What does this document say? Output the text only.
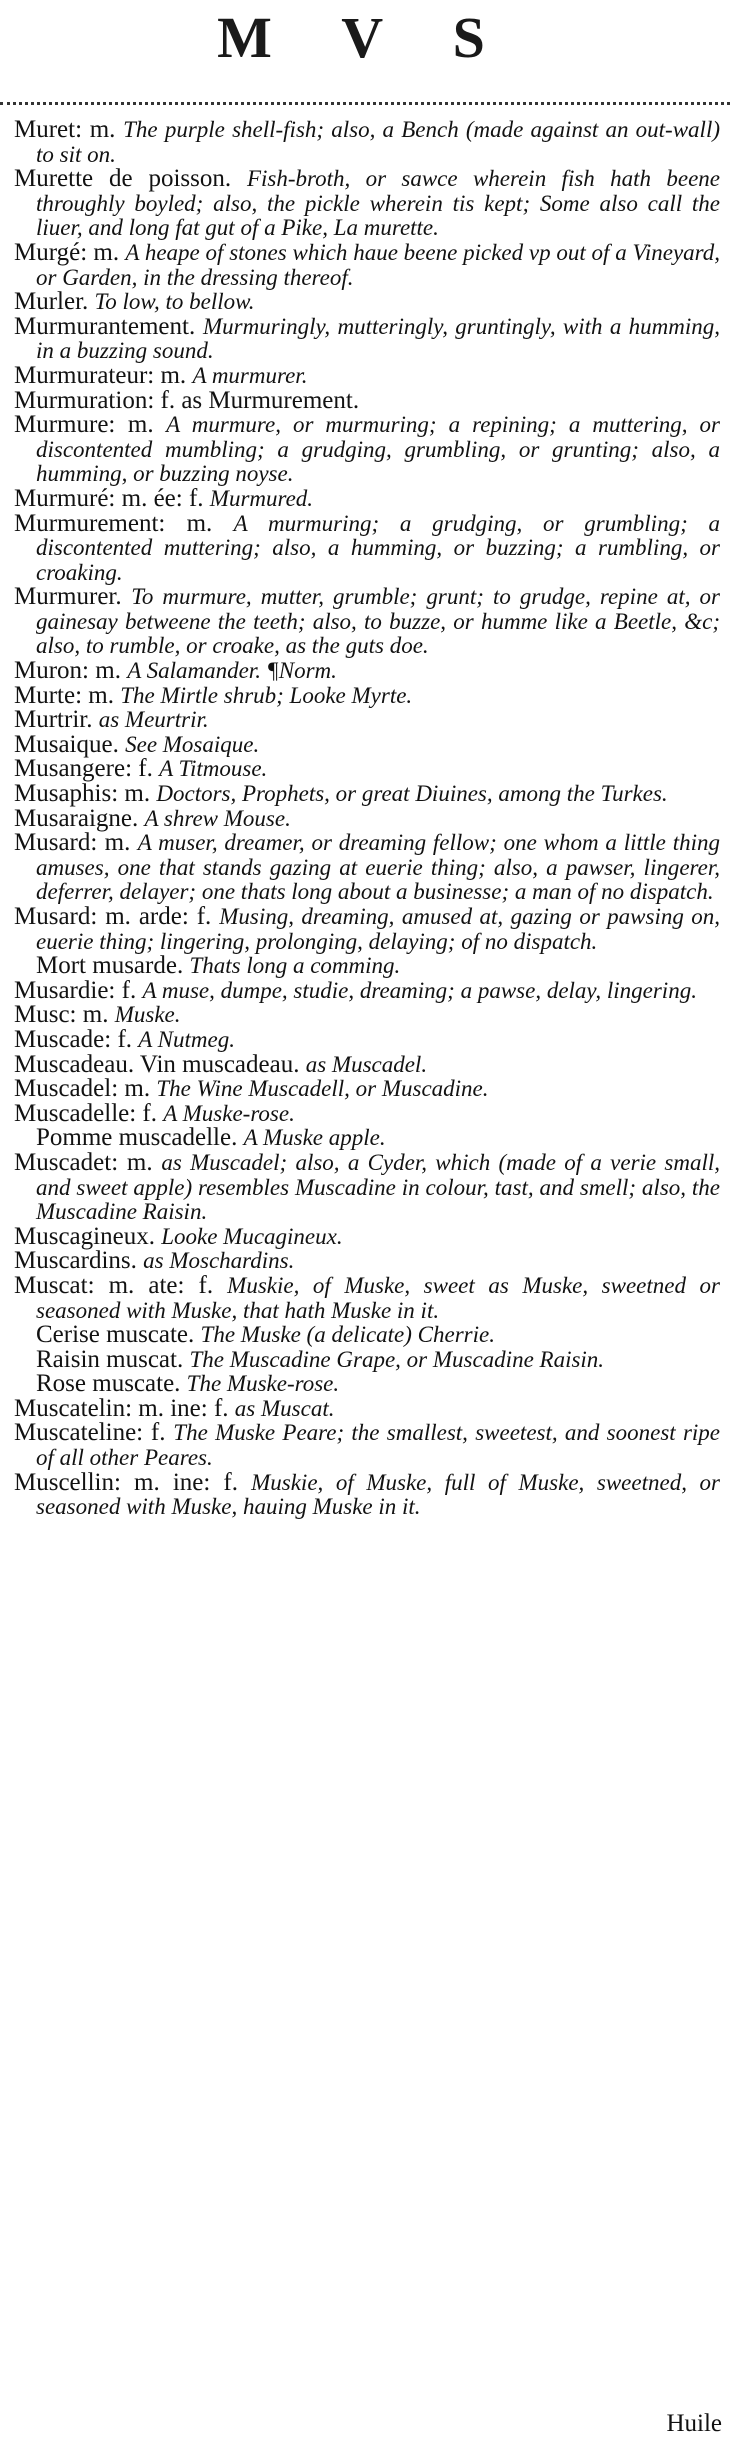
M V S
Muret: m. The purple shell-fish; also, a Bench (made against an out-wall) to sit on.
Murette de poisson. Fish-broth, or sawce wherein fish hath beene throughly boyled; also, the pickle wherein tis kept; Some also call the liuer, and long fat gut of a Pike, La murette.
Murgé: m. A heape of stones which haue beene picked vp out of a Vineyard, or Garden, in the dressing thereof.
Murler. To low, to bellow.
Murmurantement. Murmuringly, mutteringly, gruntingly, with a humming, in a buzzing sound.
Murmurateur: m. A murmurer.
Murmuration: f. as Murmurement.
Murmure: m. A murmure, or murmuring; a repining; a muttering, or discontented mumbling; a grudging, grumbling, or grunting; also, a humming, or buzzing noyse.
Murmuré: m. ée: f. Murmured.
Murmurement: m. A murmuring; a grudging, or grumbling; a discontented muttering; also, a humming, or buzzing; a rumbling, or croaking.
Murmurer. To murmure, mutter, grumble; grunt; to grudge, repine at, or gainesay betweene the teeth; also, to buzze, or humme like a Beetle, &c; also, to rumble, or croake, as the guts doe.
Muron: m. A Salamander. ¶Norm.
Murte: m. The Mirtle shrub; Looke Myrte.
Murtrir. as Meurtrir.
Musaique. See Mosaique.
Musangere: f. A Titmouse.
Musaphis: m. Doctors, Prophets, or great Diuines, among the Turkes.
Musaraigne. A shrew Mouse.
Musard: m. A muser, dreamer, or dreaming fellow; one whom a little thing amuses, one that stands gazing at euerie thing; also, a pawser, lingerer, deferrer, delayer; one thats long about a businesse; a man of no dispatch.
Musard: m. arde: f. Musing, dreaming, amused at, gazing or pawsing on, euerie thing; lingering, prolonging, delaying; of no dispatch.
Mort musarde. Thats long a comming.
Musardie: f. A muse, dumpe, studie, dreaming; a pawse, delay, lingering.
Musc: m. Muske.
Muscade: f. A Nutmeg.
Muscadeau. Vin muscadeau. as Muscadel.
Muscadel: m. The Wine Muscadell, or Muscadine.
Muscadelle: f. A Muske-rose.
Pomme muscadelle. A Muske apple.
Muscadet: m. as Muscadel; also, a Cyder, which (made of a verie small, and sweet apple) resembles Muscadine in colour, tast, and smell; also, the Muscadine Raisin.
Muscagineux. Looke Mucagineux.
Muscardins. as Moschardins.
Muscat: m. ate: f. Muskie, of Muske, sweet as Muske, sweetned or seasoned with Muske, that hath Muske in it.
Cerise muscate. The Muske (a delicate) Cherrie.
Raisin muscat. The Muscadine Grape, or Muscadine Raisin.
Rose muscate. The Muske-rose.
Muscatelin: m. ine: f. as Muscat.
Muscateline: f. The Muske Peare; the smallest, sweetest, and soonest ripe of all other Peares.
Muscellin: m. ine: f. Muskie, of Muske, full of Muske, sweetned, or seasoned with Muske, hauing Muske in it.
Huile
